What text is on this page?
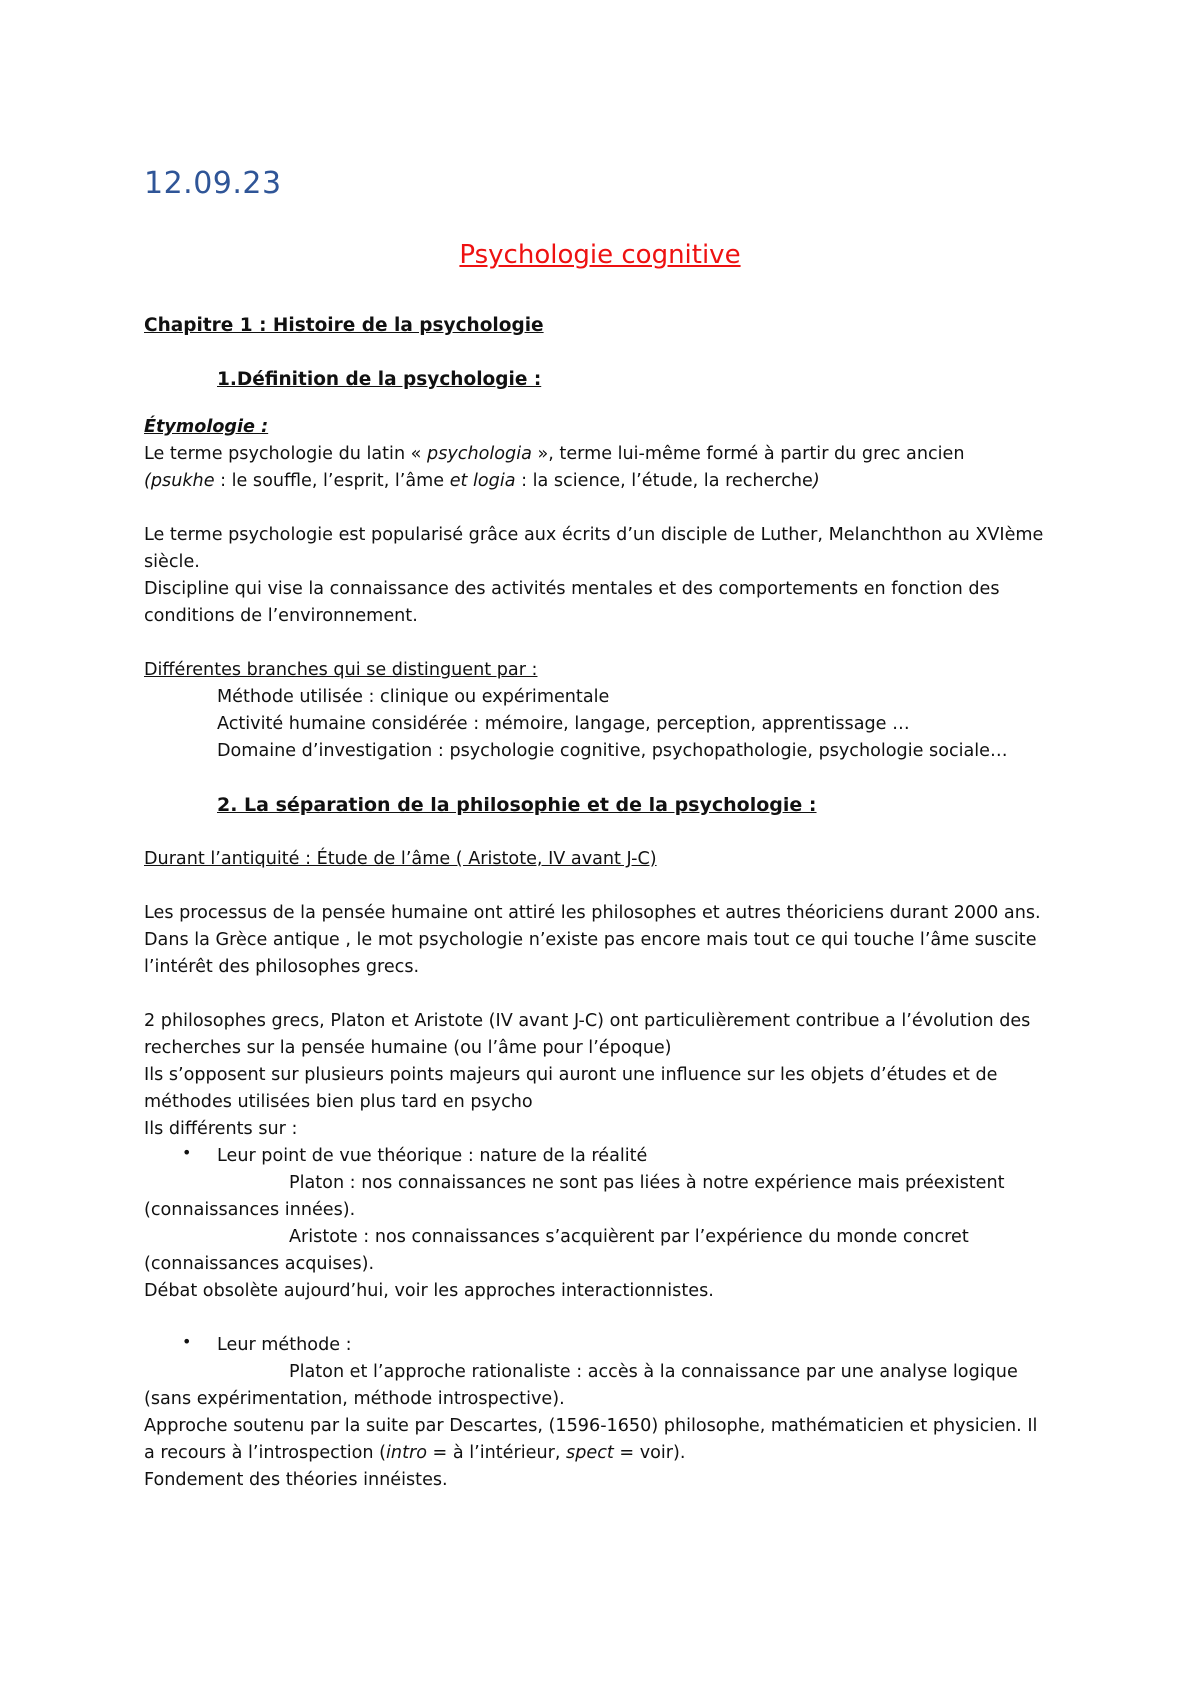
12.09.23
Psychologie cognitive
Chapitre 1 : Histoire de la psychologie
1.Définition de la psychologie :
Étymologie :
Le terme psychologie du latin « psychologia », terme lui-même formé à partir du grec ancien
(psukhe : le souffle, l’esprit, l’âme et logia : la science, l’étude, la recherche)
Le terme psychologie est popularisé grâce aux écrits d’un disciple de Luther, Melanchthon au XVIème
siècle.
Discipline qui vise la connaissance des activités mentales et des comportements en fonction des
conditions de l’environnement.
Différentes branches qui se distinguent par :
Méthode utilisée : clinique ou expérimentale
Activité humaine considérée : mémoire, langage, perception, apprentissage …
Domaine d’investigation : psychologie cognitive, psychopathologie, psychologie sociale…
2. La séparation de la philosophie et de la psychologie :
Durant l’antiquité : Étude de l’âme ( Aristote, IV avant J-C)
Les processus de la pensée humaine ont attiré les philosophes et autres théoriciens durant 2000 ans.
Dans la Grèce antique , le mot psychologie n’existe pas encore mais tout ce qui touche l’âme suscite
l’intérêt des philosophes grecs.
2 philosophes grecs, Platon et Aristote (IV avant J-C) ont particulièrement contribue a l’évolution des
recherches sur la pensée humaine (ou l’âme pour l’époque)
Ils s’opposent sur plusieurs points majeurs qui auront une influence sur les objets d’études et de
méthodes utilisées bien plus tard en psycho
Ils différents sur :
• Leur point de vue théorique : nature de la réalité
Platon : nos connaissances ne sont pas liées à notre expérience mais préexistent
(connaissances innées).
Aristote : nos connaissances s’acquièrent par l’expérience du monde concret
(connaissances acquises).
Débat obsolète aujourd’hui, voir les approches interactionnistes.
• Leur méthode :
Platon et l’approche rationaliste : accès à la connaissance par une analyse logique
(sans expérimentation, méthode introspective).
Approche soutenu par la suite par Descartes, (1596-1650) philosophe, mathématicien et physicien. Il
a recours à l’introspection (intro = à l’intérieur, spect = voir).
Fondement des théories innéistes.
